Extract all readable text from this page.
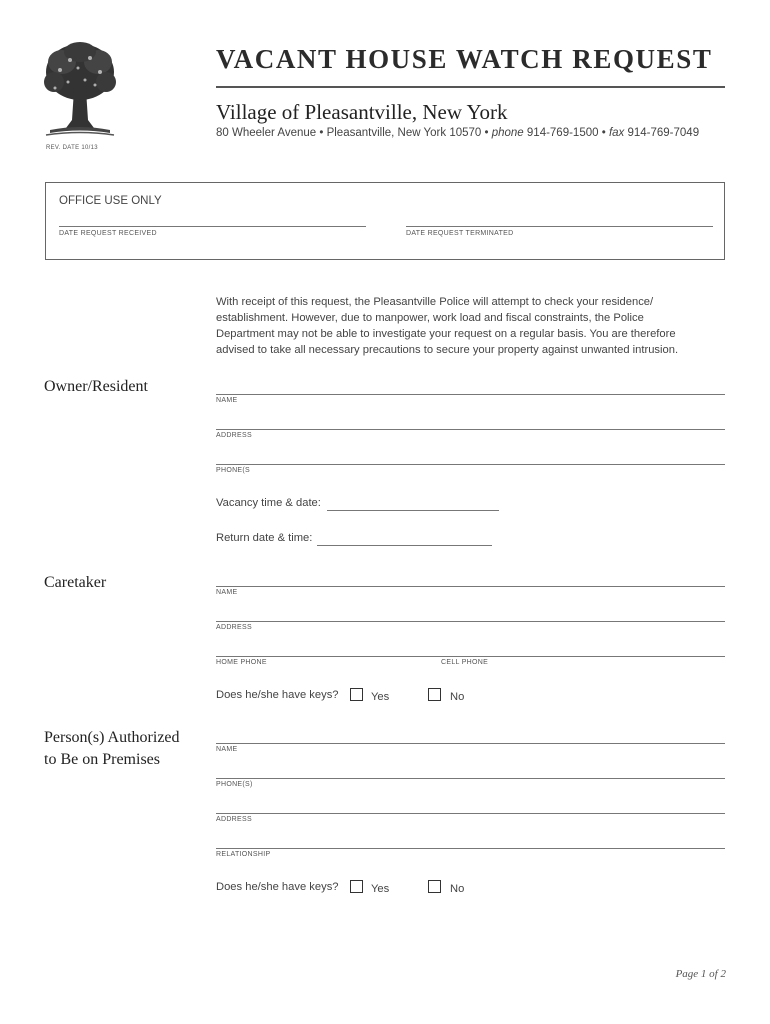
REV. DATE 10/13
VACANT HOUSE WATCH REQUEST
Village of Pleasantville, New York
80 Wheeler Avenue • Pleasantville, New York 10570 • phone 914-769-1500 • fax 914-769-7049
OFFICE USE ONLY
DATE REQUEST RECEIVED	DATE REQUEST TERMINATED
With receipt of this request, the Pleasantville Police will attempt to check your residence/ establishment. However, due to manpower, work load and fiscal constraints, the Police Department may not be able to investigate your request on a regular basis. You are therefore advised to take all necessary precautions to secure your property against unwanted intrusion.
Owner/Resident
NAME
ADDRESS
PHONE(S
Vacancy time & date:
Return date & time:
Caretaker
NAME
ADDRESS
HOME PHONE	CELL PHONE
Does he/she have keys?	Yes	No
Person(s) Authorized
to Be on Premises
NAME
PHONE(S)
ADDRESS
RELATIONSHIP
Does he/she have keys?	Yes	No
Page 1 of 2
